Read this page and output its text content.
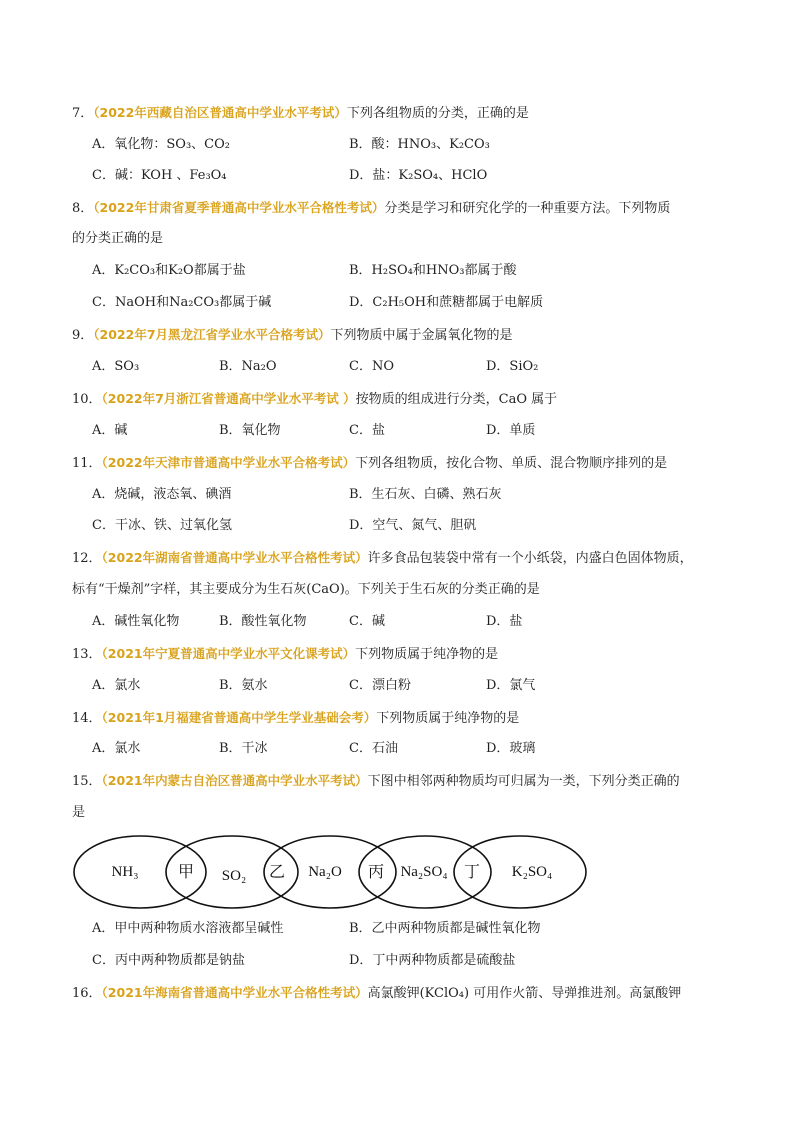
7．（2022年西藏自治区普通高中学业水平考试）下列各组物质的分类，正确的是
A．氧化物：SO₃、CO₂	B．酸：HNO₃、K₂CO₃
C．碱：KOH 、Fe₃O₄	D．盐：K₂SO₄、HClO
8．（2022年甘肃省夏季普通高中学业水平合格性考试）分类是学习和研究化学的一种重要方法。下列物质
的分类正确的是
A．K₂CO₃和K₂O都属于盐	B．H₂SO₄和HNO₃都属于酸
C．NaOH和Na₂CO₃都属于碱	D．C₂H₅OH和蔗糖都属于电解质
9．（2022年7月黑龙江省学业水平合格考试）下列物质中属于金属氧化物的是
A．SO₃	B．Na₂O	C．NO	D．SiO₂
10．（2022年7月浙江省普通高中学业水平考试 ）按物质的组成进行分类，CaO 属于
A．碱	B．氧化物	C．盐	D．单质
11．（2022年天津市普通高中学业水平合格考试）下列各组物质，按化合物、单质、混合物顺序排列的是
A．烧碱，液态氧、碘酒	B．生石灰、白磷、熟石灰
C．干冰、铁、过氧化氢	D．空气、氮气、胆矾
12．（2022年湖南省普通高中学业水平合格性考试）许多食品包装袋中常有一个小纸袋，内盛白色固体物质，
标有“干燥剂”字样，其主要成分为生石灰(CaO)。下列关于生石灰的分类正确的是
A．碱性氧化物	B．酸性氧化物	C．碱	D．盐
13．（2021年宁夏普通高中学业水平文化课考试）下列物质属于纯净物的是
A．氯水	B．氨水	C．漂白粉	D．氯气
14．（2021年1月福建省普通高中学生学业基础会考）下列物质属于纯净物的是
A．氯水	B．干冰	C．石油	D．玻璃
15．（2021年内蒙古自治区普通高中学业水平考试）下图中相邻两种物质均可归属为一类，下列分类正确的
是
NH₃	SO₂	Na₂O	Na₂SO₄	K₂SO₄
甲	乙	丙	丁
A．甲中两种物质水溶液都呈碱性	B．乙中两种物质都是碱性氧化物
C．丙中两种物质都是钠盐	D．丁中两种物质都是硫酸盐
16．（2021年海南省普通高中学业水平合格性考试）高氯酸钾(KClO₄) 可用作火箭、导弹推进剂。高氯酸钾
